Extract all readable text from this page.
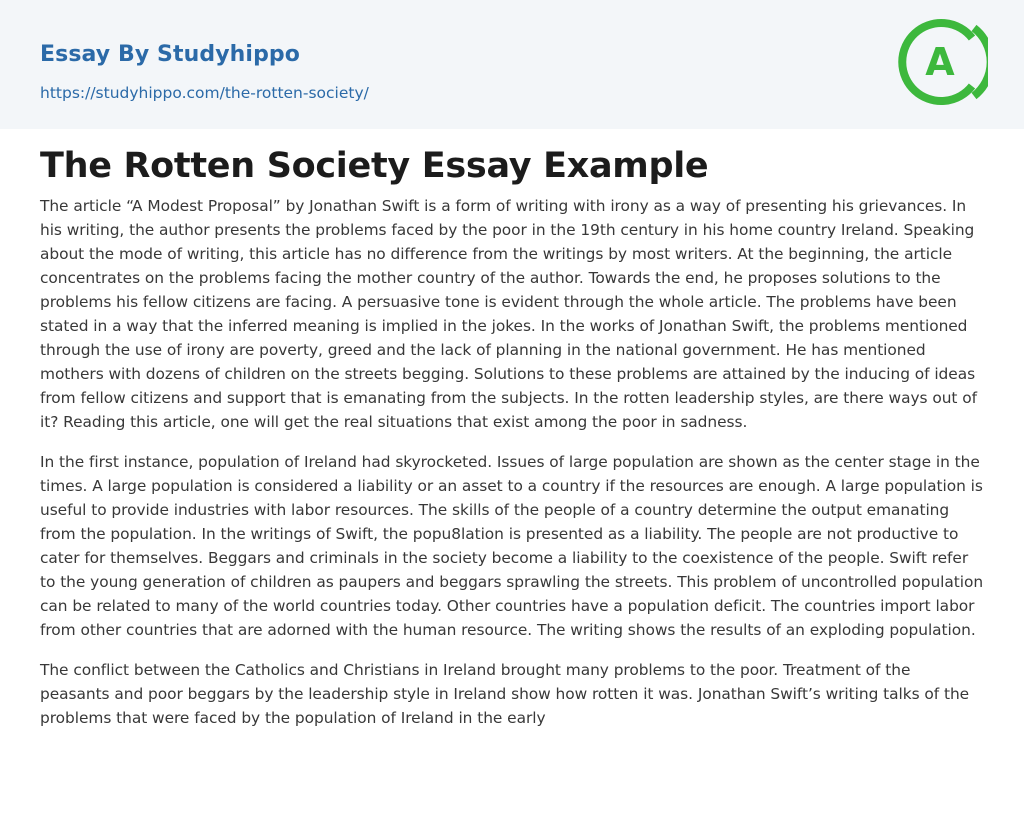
Essay By Studyhippo
https://studyhippo.com/the-rotten-society/
A
The Rotten Society Essay Example

The article “A Modest Proposal” by Jonathan Swift is a form of writing with irony as a way of presenting his grievances. In his writing, the author presents the problems faced by the poor in the 19th century in his home country Ireland. Speaking about the mode of writing, this article has no difference from the writings by most writers. At the beginning, the article concentrates on the problems facing the mother country of the author. Towards the end, he proposes solutions to the problems his fellow citizens are facing. A persuasive tone is evident through the whole article. The problems have been stated in a way that the inferred meaning is implied in the jokes. In the works of Jonathan Swift, the problems mentioned through the use of irony are poverty, greed and the lack of planning in the national government. He has mentioned mothers with dozens of children on the streets begging. Solutions to these problems are attained by the inducing of ideas from fellow citizens and support that is emanating from the subjects. In the rotten leadership styles, are there ways out of it? Reading this article, one will get the real situations that exist among the poor in sadness.

In the first instance, population of Ireland had skyrocketed. Issues of large population are shown as the center stage in the times. A large population is considered a liability or an asset to a country if the resources are enough. A large population is useful to provide industries with labor resources. The skills of the people of a country determine the output emanating from the population. In the writings of Swift, the popu8lation is presented as a liability. The people are not productive to cater for themselves. Beggars and criminals in the society become a liability to the coexistence of the people. Swift refer to the young generation of children as paupers and beggars sprawling the streets. This problem of uncontrolled population can be related to many of the world countries today. Other countries have a population deficit. The countries import labor from other countries that are adorned with the human resource. The writing shows the results of an exploding population.

The conflict between the Catholics and Christians in Ireland brought many problems to the poor. Treatment of the peasants and poor beggars by the leadership style in Ireland show how rotten it was. Jonathan Swift’s writing talks of the problems that were faced by the population of Ireland in the early
